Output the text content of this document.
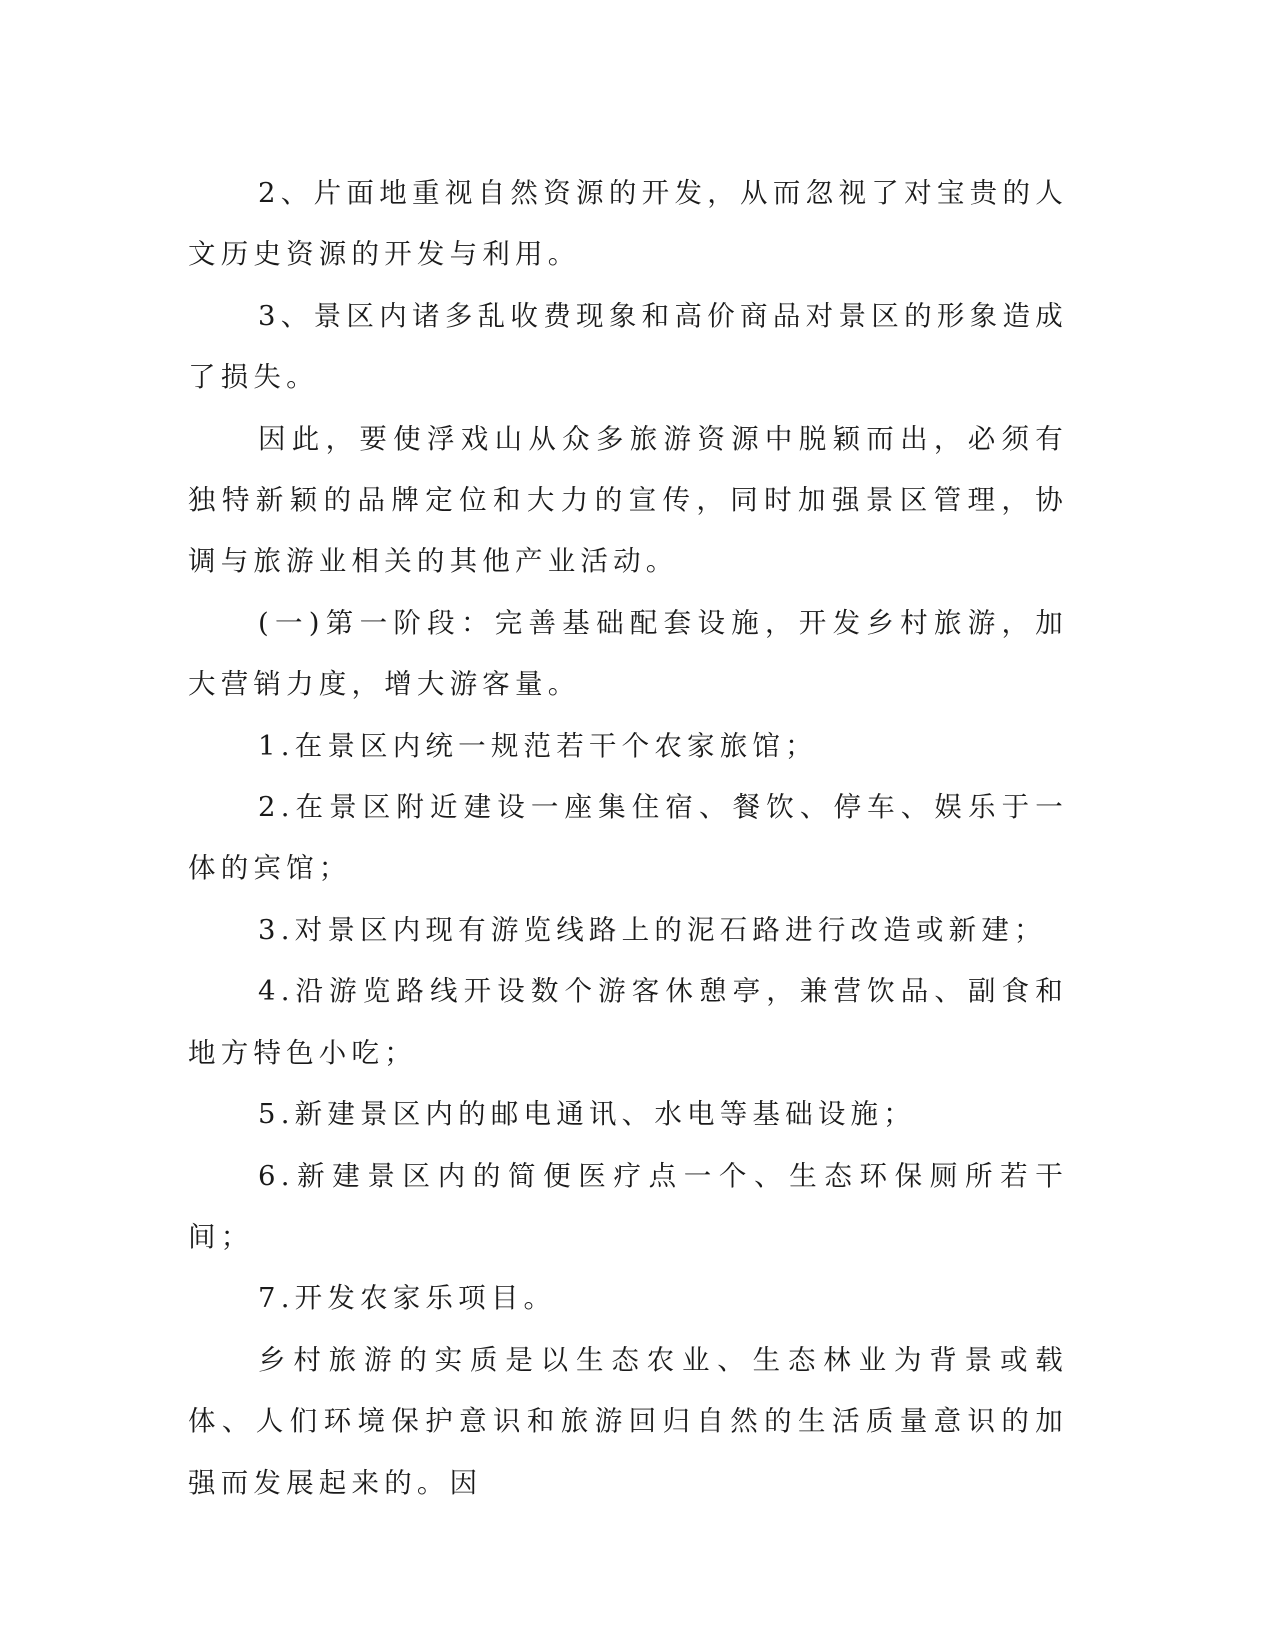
2、片面地重视自然资源的开发，从而忽视了对宝贵的人文历史资源的开发与利用。

3、景区内诸多乱收费现象和高价商品对景区的形象造成了损失。

因此，要使浮戏山从众多旅游资源中脱颖而出，必须有独特新颖的品牌定位和大力的宣传，同时加强景区管理，协调与旅游业相关的其他产业活动。

(一)第一阶段：完善基础配套设施，开发乡村旅游，加大营销力度，增大游客量。

1.在景区内统一规范若干个农家旅馆；

2.在景区附近建设一座集住宿、餐饮、停车、娱乐于一体的宾馆；

3.对景区内现有游览线路上的泥石路进行改造或新建；

4.沿游览路线开设数个游客休憩亭，兼营饮品、副食和地方特色小吃；

5.新建景区内的邮电通讯、水电等基础设施；

6.新建景区内的简便医疗点一个、生态环保厕所若干间；

7.开发农家乐项目。

乡村旅游的实质是以生态农业、生态林业为背景或载体、人们环境保护意识和旅游回归自然的生活质量意识的加强而发展起来的。因
